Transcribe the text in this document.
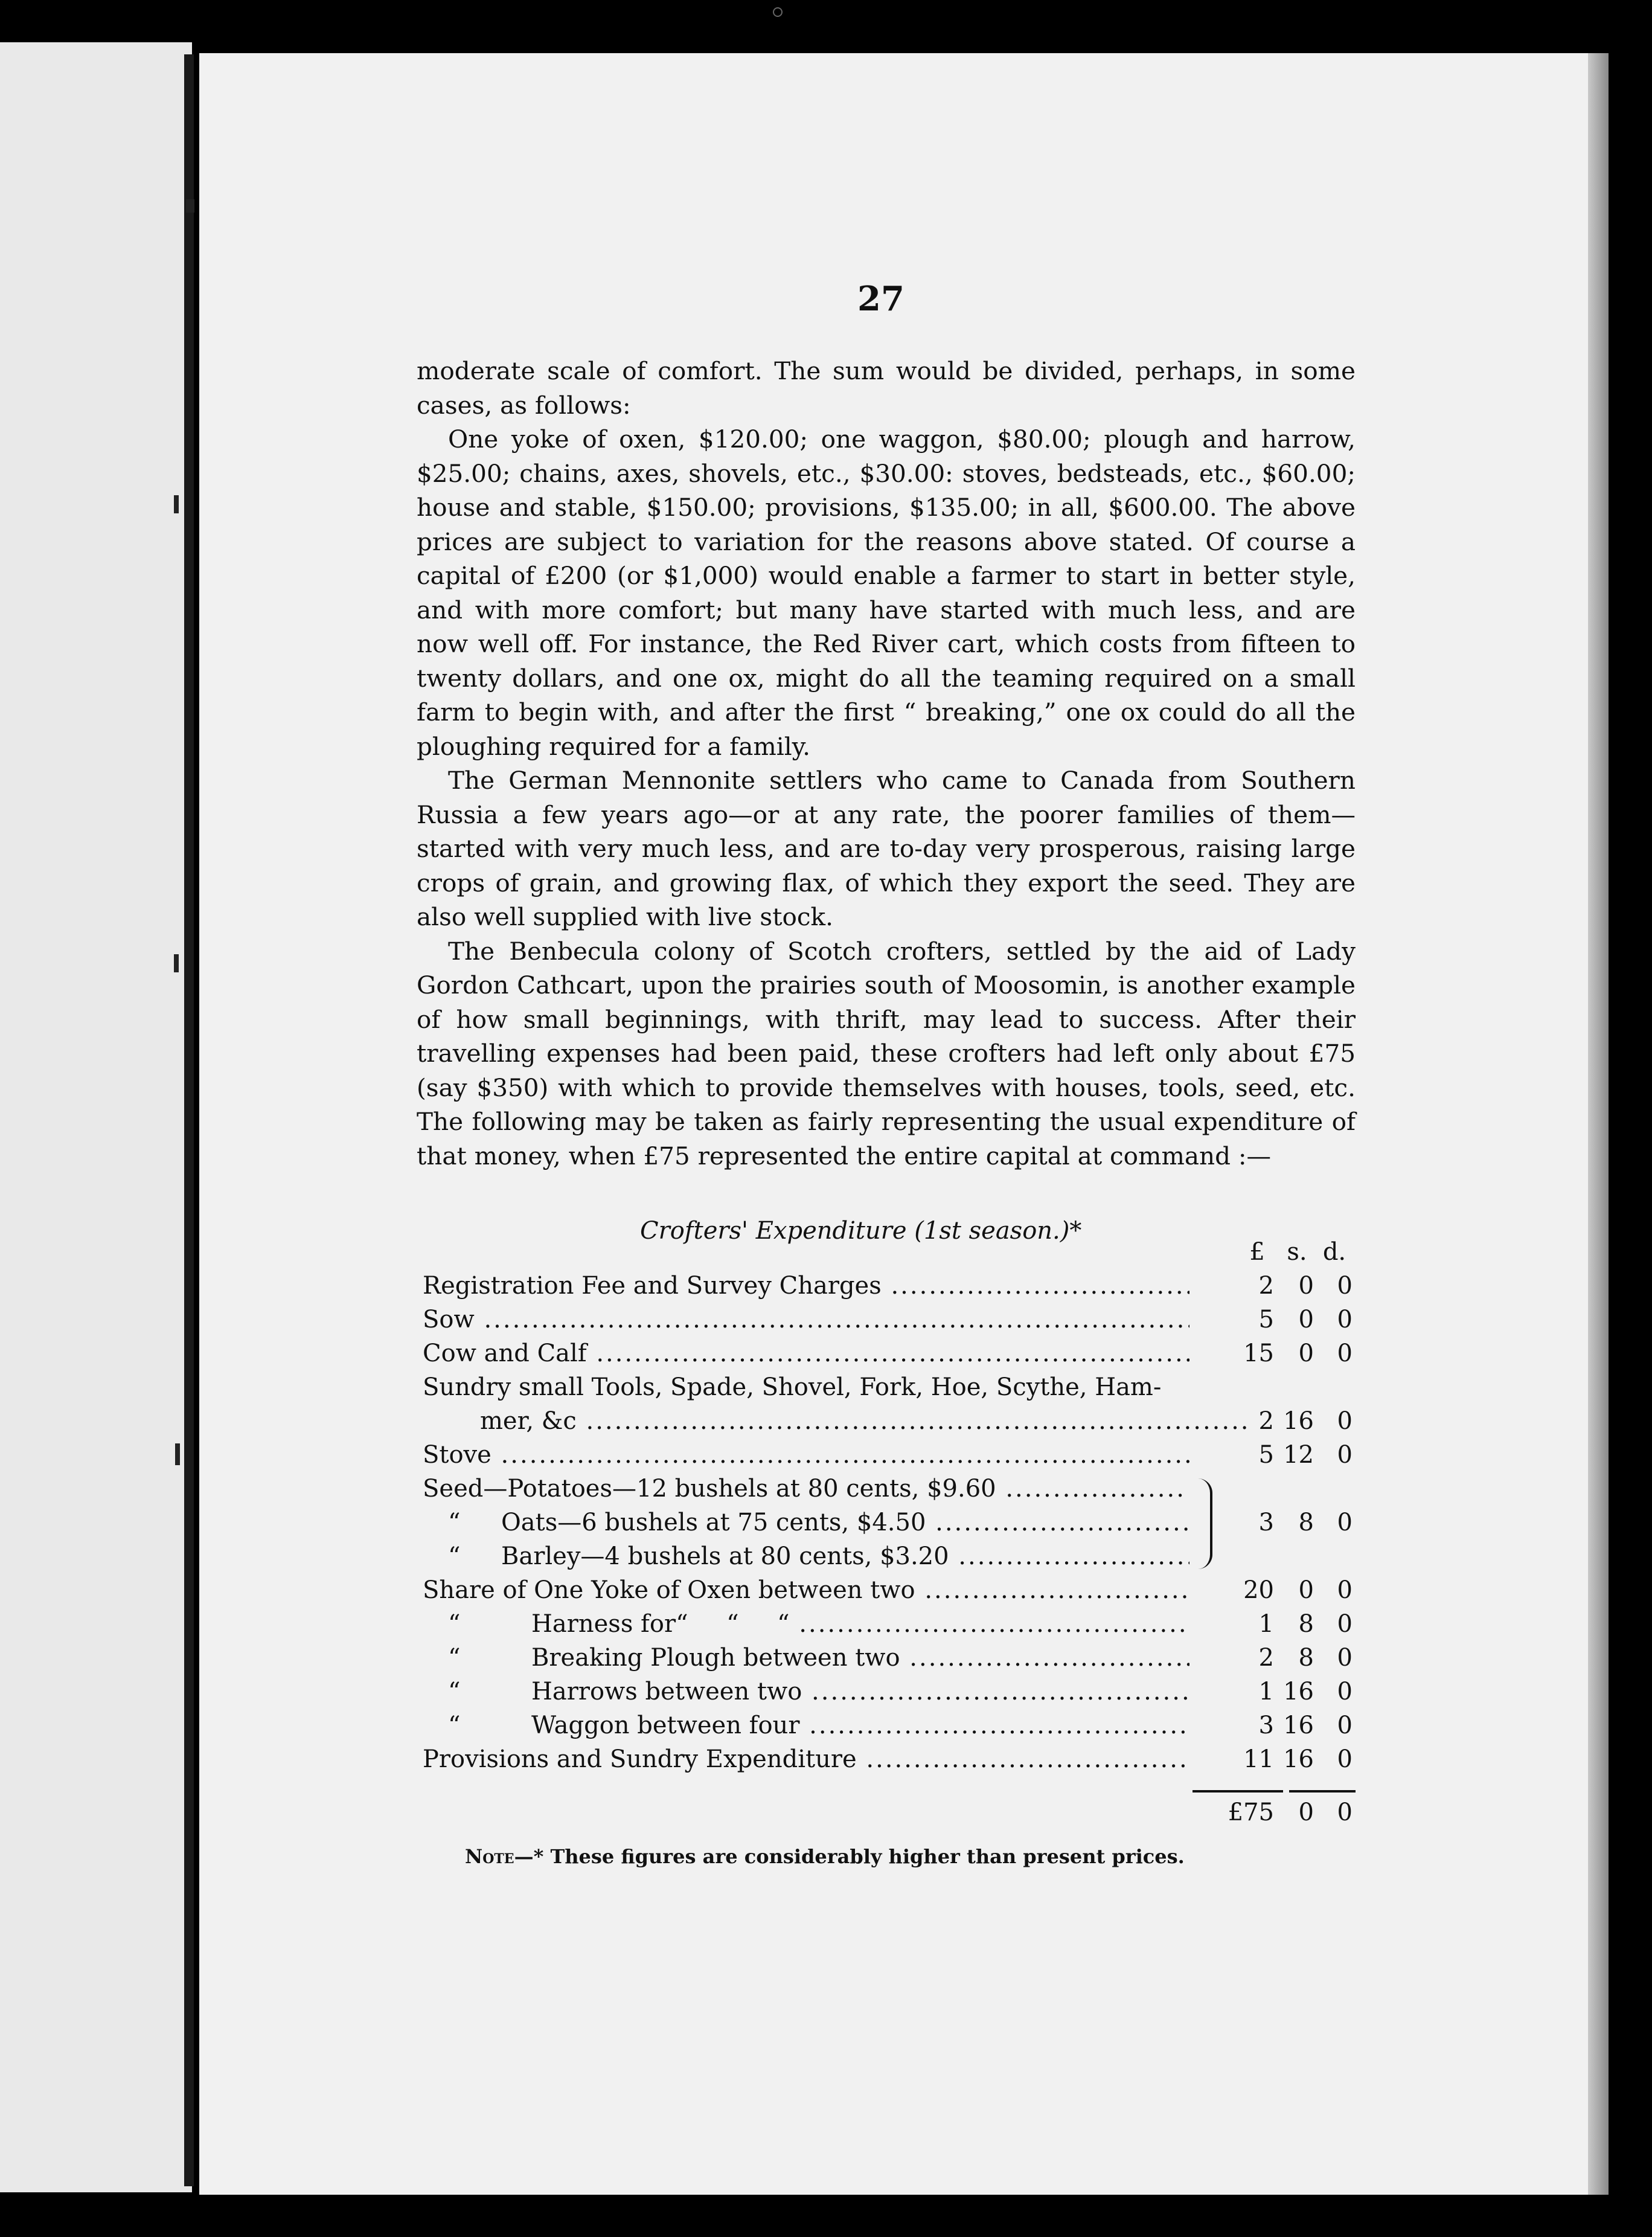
27

moderate scale of comfort. The sum would be divided, perhaps, in some cases, as follows:

One yoke of oxen, $120.00; one waggon, $80.00; plough and harrow, $25.00; chains, axes, shovels, etc., $30.00: stoves, bedsteads, etc., $60.00; house and stable, $150.00; provisions, $135.00; in all, $600.00. The above prices are subject to variation for the reasons above stated. Of course a capital of £200 (or $1,000) would enable a farmer to start in better style, and with more comfort; but many have started with much less, and are now well off. For instance, the Red River cart, which costs from fifteen to twenty dollars, and one ox, might do all the teaming required on a small farm to begin with, and after the first “ breaking,” one ox could do all the ploughing required for a family.

The German Mennonite settlers who came to Canada from Southern Russia a few years ago—or at any rate, the poorer families of them—started with very much less, and are to-day very prosperous, raising large crops of grain, and growing flax, of which they export the seed. They are also well supplied with live stock.

The Benbecula colony of Scotch crofters, settled by the aid of Lady Gordon Cathcart, upon the prairies south of Moosomin, is another example of how small beginnings, with thrift, may lead to success. After their travelling expenses had been paid, these crofters had left only about £75 (say $350) with which to provide themselves with houses, tools, seed, etc. The following may be taken as fairly representing the usual expenditure of that money, when £75 represented the entire capital at command :—

Crofters' Expenditure (1st season.)*
£ s. d.
Registration Fee and Survey Charges .....	2	0 0
Sow .....	5	0 0
Cow and Calf .....	15	0 0
Sundry small Tools, Spade, Shovel, Fork, Hoe, Scythe, Ham-
mer, &c .....	2 16 0
Stove .....	5 12 0
Seed—Potatoes—12 bushels at 80 cents, $9.60 .....
“ Oats—6 bushels at 75 cents, $4.50 .....	3	8 0
“ Barley—4 bushels at 80 cents, $3.20 .....
Share of One Yoke of Oxen between two .....	20	0 0
“	Harness for“     “     “ .....	1	8 0
“	Breaking Plough between two .....	2	8 0
“	Harrows between two .....	1 16 0
“	Waggon between four .....	3 16 0
Provisions and Sundry Expenditure .....	11 16 0
£75	0 0
Note—* These figures are considerably higher than present prices.
